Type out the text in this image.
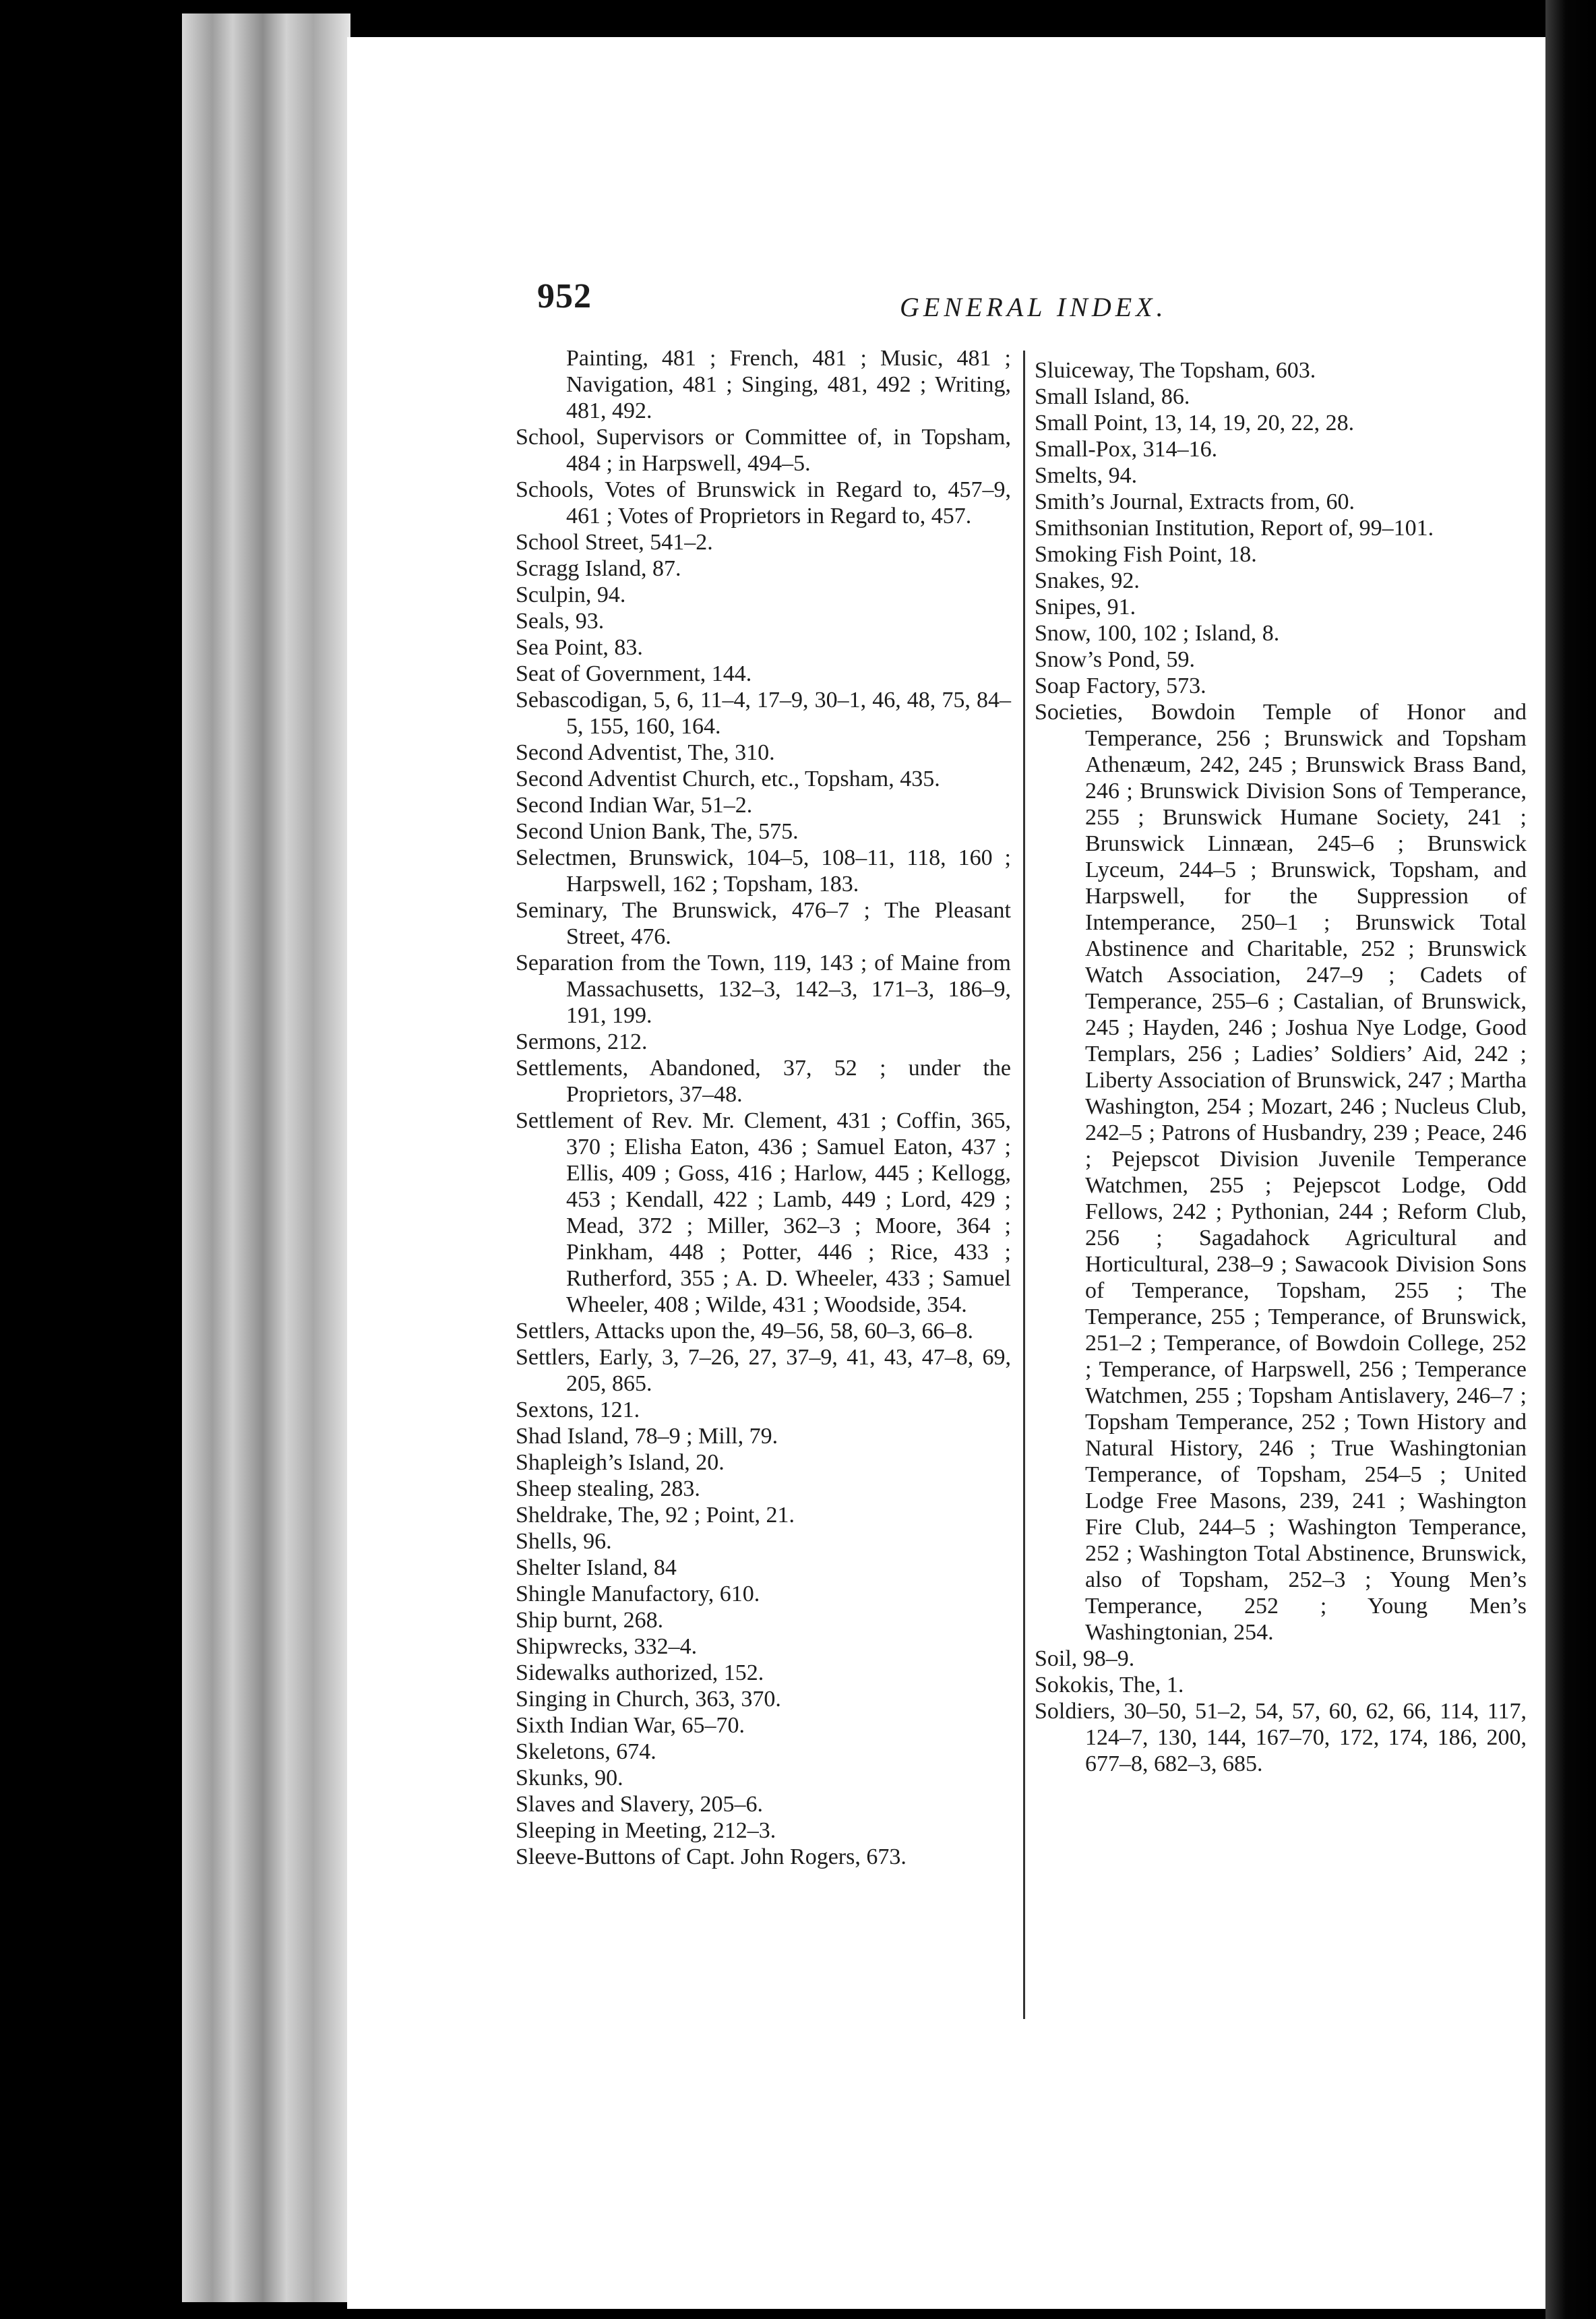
952	GENERAL INDEX.

Painting, 481 ; French, 481 ; Music, 481 ; Navigation, 481 ; Singing, 481, 492 ; Writing, 481, 492.

School, Supervisors or Committee of, in Topsham, 484 ; in Harpswell, 494–5.

Schools, Votes of Brunswick in Regard to, 457–9, 461 ; Votes of Proprietors in Regard to, 457.

School Street, 541–2.

Scragg Island, 87.

Sculpin, 94.

Seals, 93.

Sea Point, 83.

Seat of Government, 144.

Sebascodigan, 5, 6, 11–4, 17–9, 30–1, 46, 48, 75, 84–5, 155, 160, 164.

Second Adventist, The, 310.

Second Adventist Church, etc., Topsham, 435.

Second Indian War, 51–2.

Second Union Bank, The, 575.

Selectmen, Brunswick, 104–5, 108–11, 118, 160 ; Harpswell, 162 ; Topsham, 183.

Seminary, The Brunswick, 476–7 ; The Pleasant Street, 476.

Separation from the Town, 119, 143 ; of Maine from Massachusetts, 132–3, 142–3, 171–3, 186–9, 191, 199.

Sermons, 212.

Settlements, Abandoned, 37, 52 ; under the Proprietors, 37–48.

Settlement of Rev. Mr. Clement, 431 ; Coffin, 365, 370 ; Elisha Eaton, 436 ; Samuel Eaton, 437 ; Ellis, 409 ; Goss, 416 ; Harlow, 445 ; Kellogg, 453 ; Kendall, 422 ; Lamb, 449 ; Lord, 429 ; Mead, 372 ; Miller, 362–3 ; Moore, 364 ; Pinkham, 448 ; Potter, 446 ; Rice, 433 ; Rutherford, 355 ; A. D. Wheeler, 433 ; Samuel Wheeler, 408 ; Wilde, 431 ; Woodside, 354.

Settlers, Attacks upon the, 49–56, 58, 60–3, 66–8.

Settlers, Early, 3, 7–26, 27, 37–9, 41, 43, 47–8, 69, 205, 865.

Sextons, 121.

Shad Island, 78–9 ; Mill, 79.

Shapleigh’s Island, 20.

Sheep stealing, 283.

Sheldrake, The, 92 ; Point, 21.

Shells, 96.

Shelter Island, 84

Shingle Manufactory, 610.

Ship burnt, 268.

Shipwrecks, 332–4.

Sidewalks authorized, 152.

Singing in Church, 363, 370.

Sixth Indian War, 65–70.

Skeletons, 674.

Skunks, 90.

Slaves and Slavery, 205–6.

Sleeping in Meeting, 212–3.

Sleeve-Buttons of Capt. John Rogers, 673.

Sluiceway, The Topsham, 603.

Small Island, 86.

Small Point, 13, 14, 19, 20, 22, 28.

Small-Pox, 314–16.

Smelts, 94.

Smith’s Journal, Extracts from, 60.

Smithsonian Institution, Report of, 99–101.

Smoking Fish Point, 18.

Snakes, 92.

Snipes, 91.

Snow, 100, 102 ; Island, 8.

Snow’s Pond, 59.

Soap Factory, 573.

Societies, Bowdoin Temple of Honor and Temperance, 256 ; Brunswick and Topsham Athenæum, 242, 245 ; Brunswick Brass Band, 246 ; Brunswick Division Sons of Temperance, 255 ; Brunswick Humane Society, 241 ; Brunswick Linnæan, 245–6 ; Brunswick Lyceum, 244–5 ; Brunswick, Topsham, and Harpswell, for the Suppression of Intemperance, 250–1 ; Brunswick Total Abstinence and Charitable, 252 ; Brunswick Watch Association, 247–9 ; Cadets of Temperance, 255–6 ; Castalian, of Brunswick, 245 ; Hayden, 246 ; Joshua Nye Lodge, Good Templars, 256 ; Ladies’ Soldiers’ Aid, 242 ; Liberty Association of Brunswick, 247 ; Martha Washington, 254 ; Mozart, 246 ; Nucleus Club, 242–5 ; Patrons of Husbandry, 239 ; Peace, 246 ; Pejepscot Division Juvenile Temperance Watchmen, 255 ; Pejepscot Lodge, Odd Fellows, 242 ; Pythonian, 244 ; Reform Club, 256 ; Sagadahock Agricultural and Horticultural, 238–9 ; Sawacook Division Sons of Temperance, Topsham, 255 ; The Temperance, 255 ; Temperance, of Brunswick, 251–2 ; Temperance, of Bowdoin College, 252 ; Temperance, of Harpswell, 256 ; Temperance Watchmen, 255 ; Topsham Antislavery, 246–7 ; Topsham Temperance, 252 ; Town History and Natural History, 246 ; True Washingtonian Temperance, of Topsham, 254–5 ; United Lodge Free Masons, 239, 241 ; Washington Fire Club, 244–5 ; Washington Temperance, 252 ; Washington Total Abstinence, Brunswick, also of Topsham, 252–3 ; Young Men’s Temperance, 252 ; Young Men’s Washingtonian, 254.

Soil, 98–9.

Sokokis, The, 1.

Soldiers, 30–50, 51–2, 54, 57, 60, 62, 66, 114, 117, 124–7, 130, 144, 167–70, 172, 174, 186, 200, 677–8, 682–3, 685.
